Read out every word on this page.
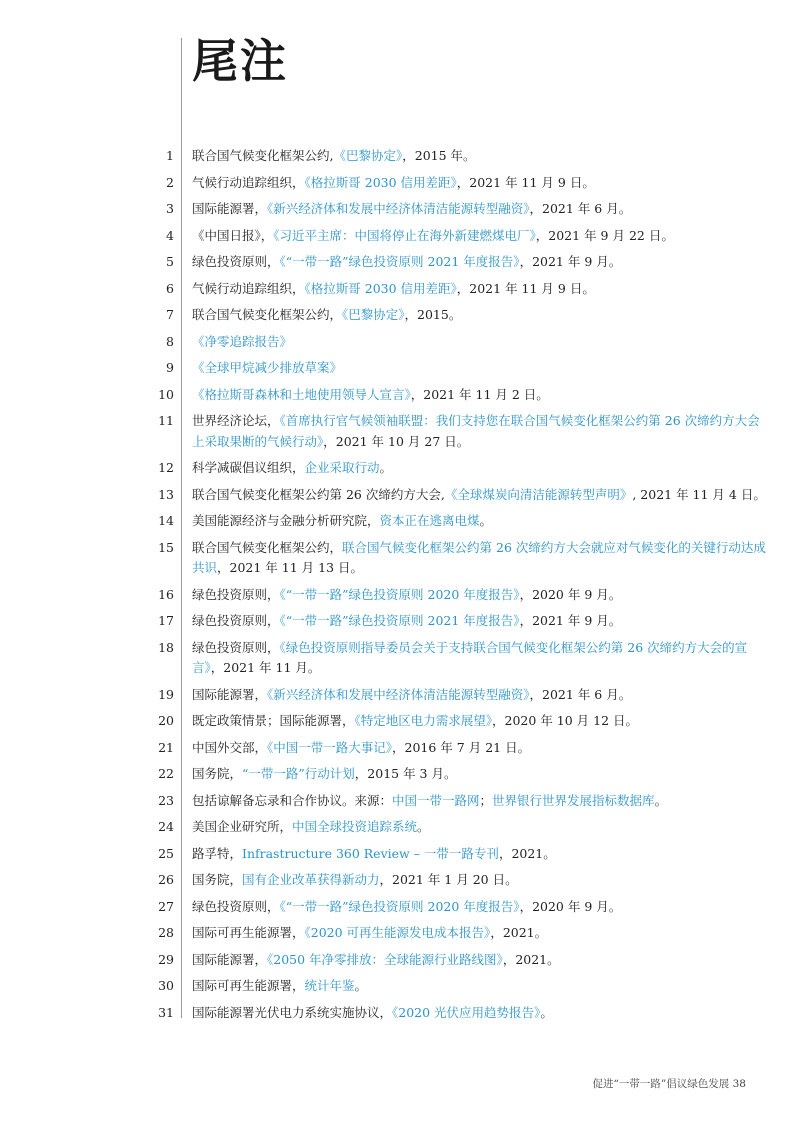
尾注
1 联合国气候变化框架公约,《巴黎协定》，2015 年。
2 气候行动追踪组织，《格拉斯哥 2030 信用差距》，2021 年 11 月 9 日。
3 国际能源署，《新兴经济体和发展中经济体清洁能源转型融资》，2021 年 6 月。
4 《中国日报》，《习近平主席：中国将停止在海外新建燃煤电厂》，2021 年 9 月 22 日。
5 绿色投资原则，《“一带一路”绿色投资原则 2021 年度报告》，2021 年 9 月。
6 气候行动追踪组织，《格拉斯哥 2030 信用差距》，2021 年 11 月 9 日。
7 联合国气候变化框架公约，《巴黎协定》，2015。
8 《净零追踪报告》
9 《全球甲烷减少排放草案》
10 《格拉斯哥森林和土地使用领导人宣言》，2021 年 11 月 2 日。
11 世界经济论坛，《首席执行官气候领袖联盟：我们支持您在联合国气候变化框架公约第 26 次缔约方大会上采取果断的气候行动》，2021 年 10 月 27 日。
12 科学减碳倡议组织，企业采取行动。
13 联合国气候变化框架公约第 26 次缔约方大会,《全球煤炭向清洁能源转型声明》, 2021 年 11 月 4 日。
14 美国能源经济与金融分析研究院，资本正在逃离电煤。
15 联合国气候变化框架公约，联合国气候变化框架公约第 26 次缔约方大会就应对气候变化的关键行动达成共识，2021 年 11 月 13 日。
16 绿色投资原则，《“一带一路”绿色投资原则 2020 年度报告》，2020 年 9 月。
17 绿色投资原则，《“一带一路”绿色投资原则 2021 年度报告》，2021 年 9 月。
18 绿色投资原则，《绿色投资原则指导委员会关于支持联合国气候变化框架公约第 26 次缔约方大会的宣言》，2021 年 11 月。
19 国际能源署，《新兴经济体和发展中经济体清洁能源转型融资》，2021 年 6 月。
20 既定政策情景；国际能源署，《特定地区电力需求展望》，2020 年 10 月 12 日。
21 中国外交部，《中国一带一路大事记》，2016 年 7 月 21 日。
22 国务院，“一带一路”行动计划，2015 年 3 月。
23 包括谅解备忘录和合作协议。来源：中国一带一路网；世界银行世界发展指标数据库。
24 美国企业研究所，中国全球投资追踪系统。
25 路孚特，Infrastructure 360 Review – 一带一路专刊，2021。
26 国务院，国有企业改革获得新动力，2021 年 1 月 20 日。
27 绿色投资原则，《“一带一路”绿色投资原则 2020 年度报告》，2020 年 9 月。
28 国际可再生能源署，《2020 可再生能源发电成本报告》，2021。
29 国际能源署，《2050 年净零排放：全球能源行业路线图》，2021。
30 国际可再生能源署，统计年鉴。
31 国际能源署光伏电力系统实施协议，《2020 光伏应用趋势报告》。
促进“一带一路”倡议绿色发展 38
